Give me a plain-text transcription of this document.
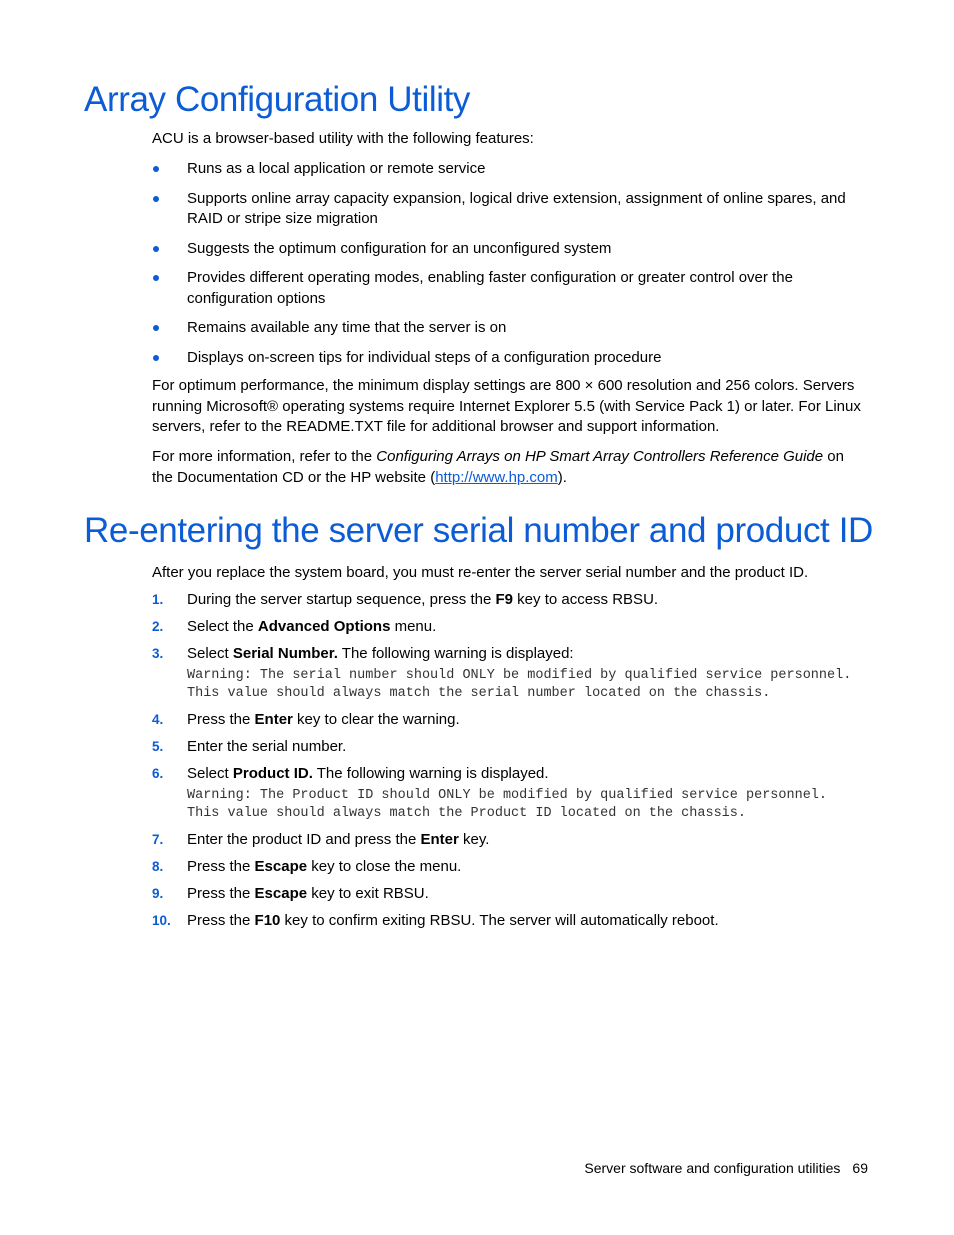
Array Configuration Utility

ACU is a browser-based utility with the following features:

Runs as a local application or remote service
Supports online array capacity expansion, logical drive extension, assignment of online spares, and RAID or stripe size migration
Suggests the optimum configuration for an unconfigured system
Provides different operating modes, enabling faster configuration or greater control over the configuration options
Remains available any time that the server is on
Displays on-screen tips for individual steps of a configuration procedure

For optimum performance, the minimum display settings are 800 × 600 resolution and 256 colors. Servers running Microsoft® operating systems require Internet Explorer 5.5 (with Service Pack 1) or later. For Linux servers, refer to the README.TXT file for additional browser and support information.

For more information, refer to the Configuring Arrays on HP Smart Array Controllers Reference Guide on the Documentation CD or the HP website (http://www.hp.com).

Re-entering the server serial number and product ID

After you replace the system board, you must re-enter the server serial number and the product ID.

1. During the server startup sequence, press the F9 key to access RBSU.
2. Select the Advanced Options menu.
3. Select Serial Number. The following warning is displayed:
Warning: The serial number should ONLY be modified by qualified service personnel. This value should always match the serial number located on the chassis.
4. Press the Enter key to clear the warning.
5. Enter the serial number.
6. Select Product ID. The following warning is displayed.
Warning: The Product ID should ONLY be modified by qualified service personnel. This value should always match the Product ID located on the chassis.
7. Enter the product ID and press the Enter key.
8. Press the Escape key to close the menu.
9. Press the Escape key to exit RBSU.
10. Press the F10 key to confirm exiting RBSU. The server will automatically reboot.
Server software and configuration utilities 69
